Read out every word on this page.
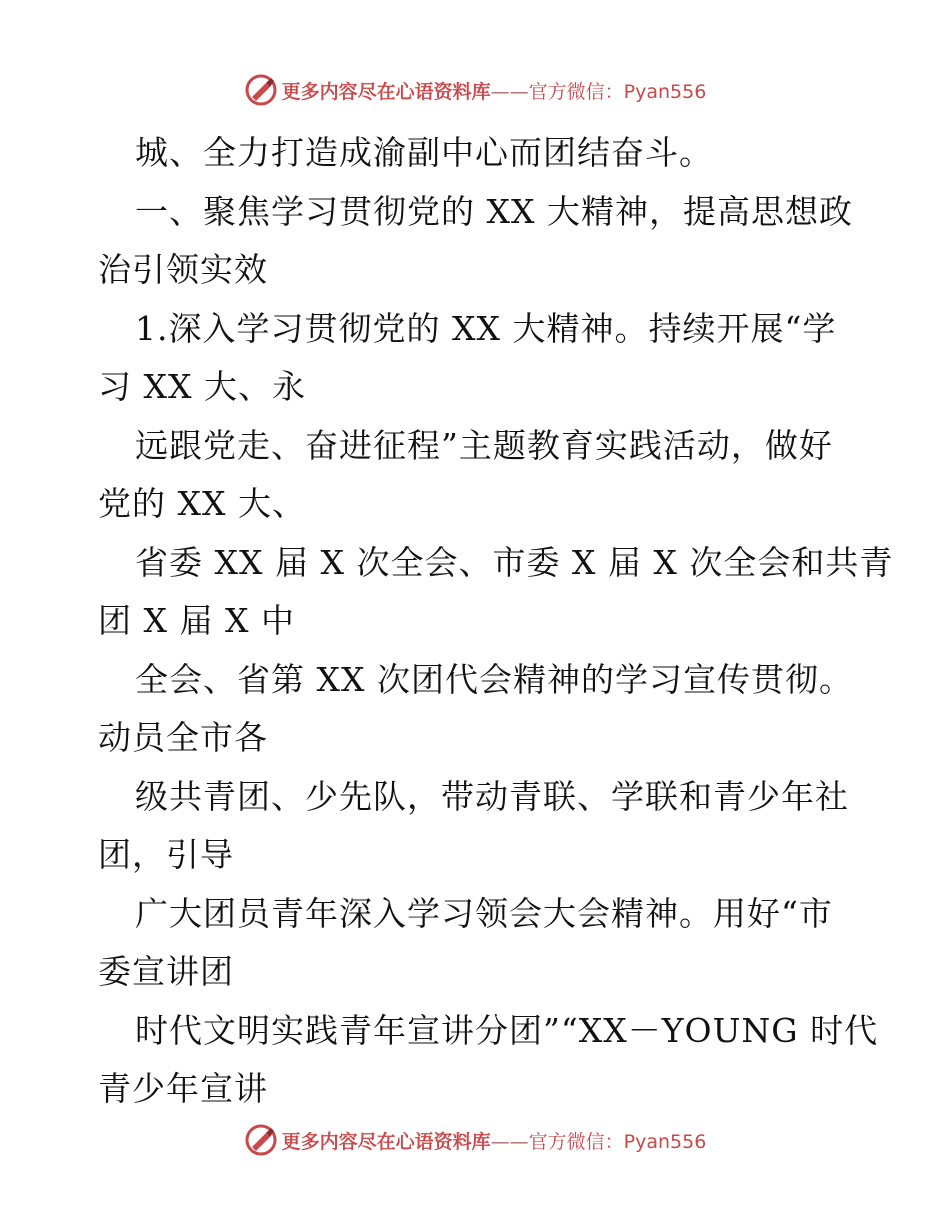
更多内容尽在心语资料库——官方微信：Pyan556
城、全力打造成渝副中心而团结奋斗。
一、聚焦学习贯彻党的 XX 大精神，提高思想政
治引领实效
1.深入学习贯彻党的 XX 大精神。持续开展“学
习 XX 大、永
远跟党走、奋进征程”主题教育实践活动，做好
党的 XX 大、
省委 XX 届 X 次全会、市委 X 届 X 次全会和共青
团 X 届 X 中
全会、省第 XX 次团代会精神的学习宣传贯彻。
动员全市各
级共青团、少先队，带动青联、学联和青少年社
团，引导
广大团员青年深入学习领会大会精神。用好“市
委宣讲团
时代文明实践青年宣讲分团”“XX－YOUNG 时代
青少年宣讲
更多内容尽在心语资料库——官方微信：Pyan556
